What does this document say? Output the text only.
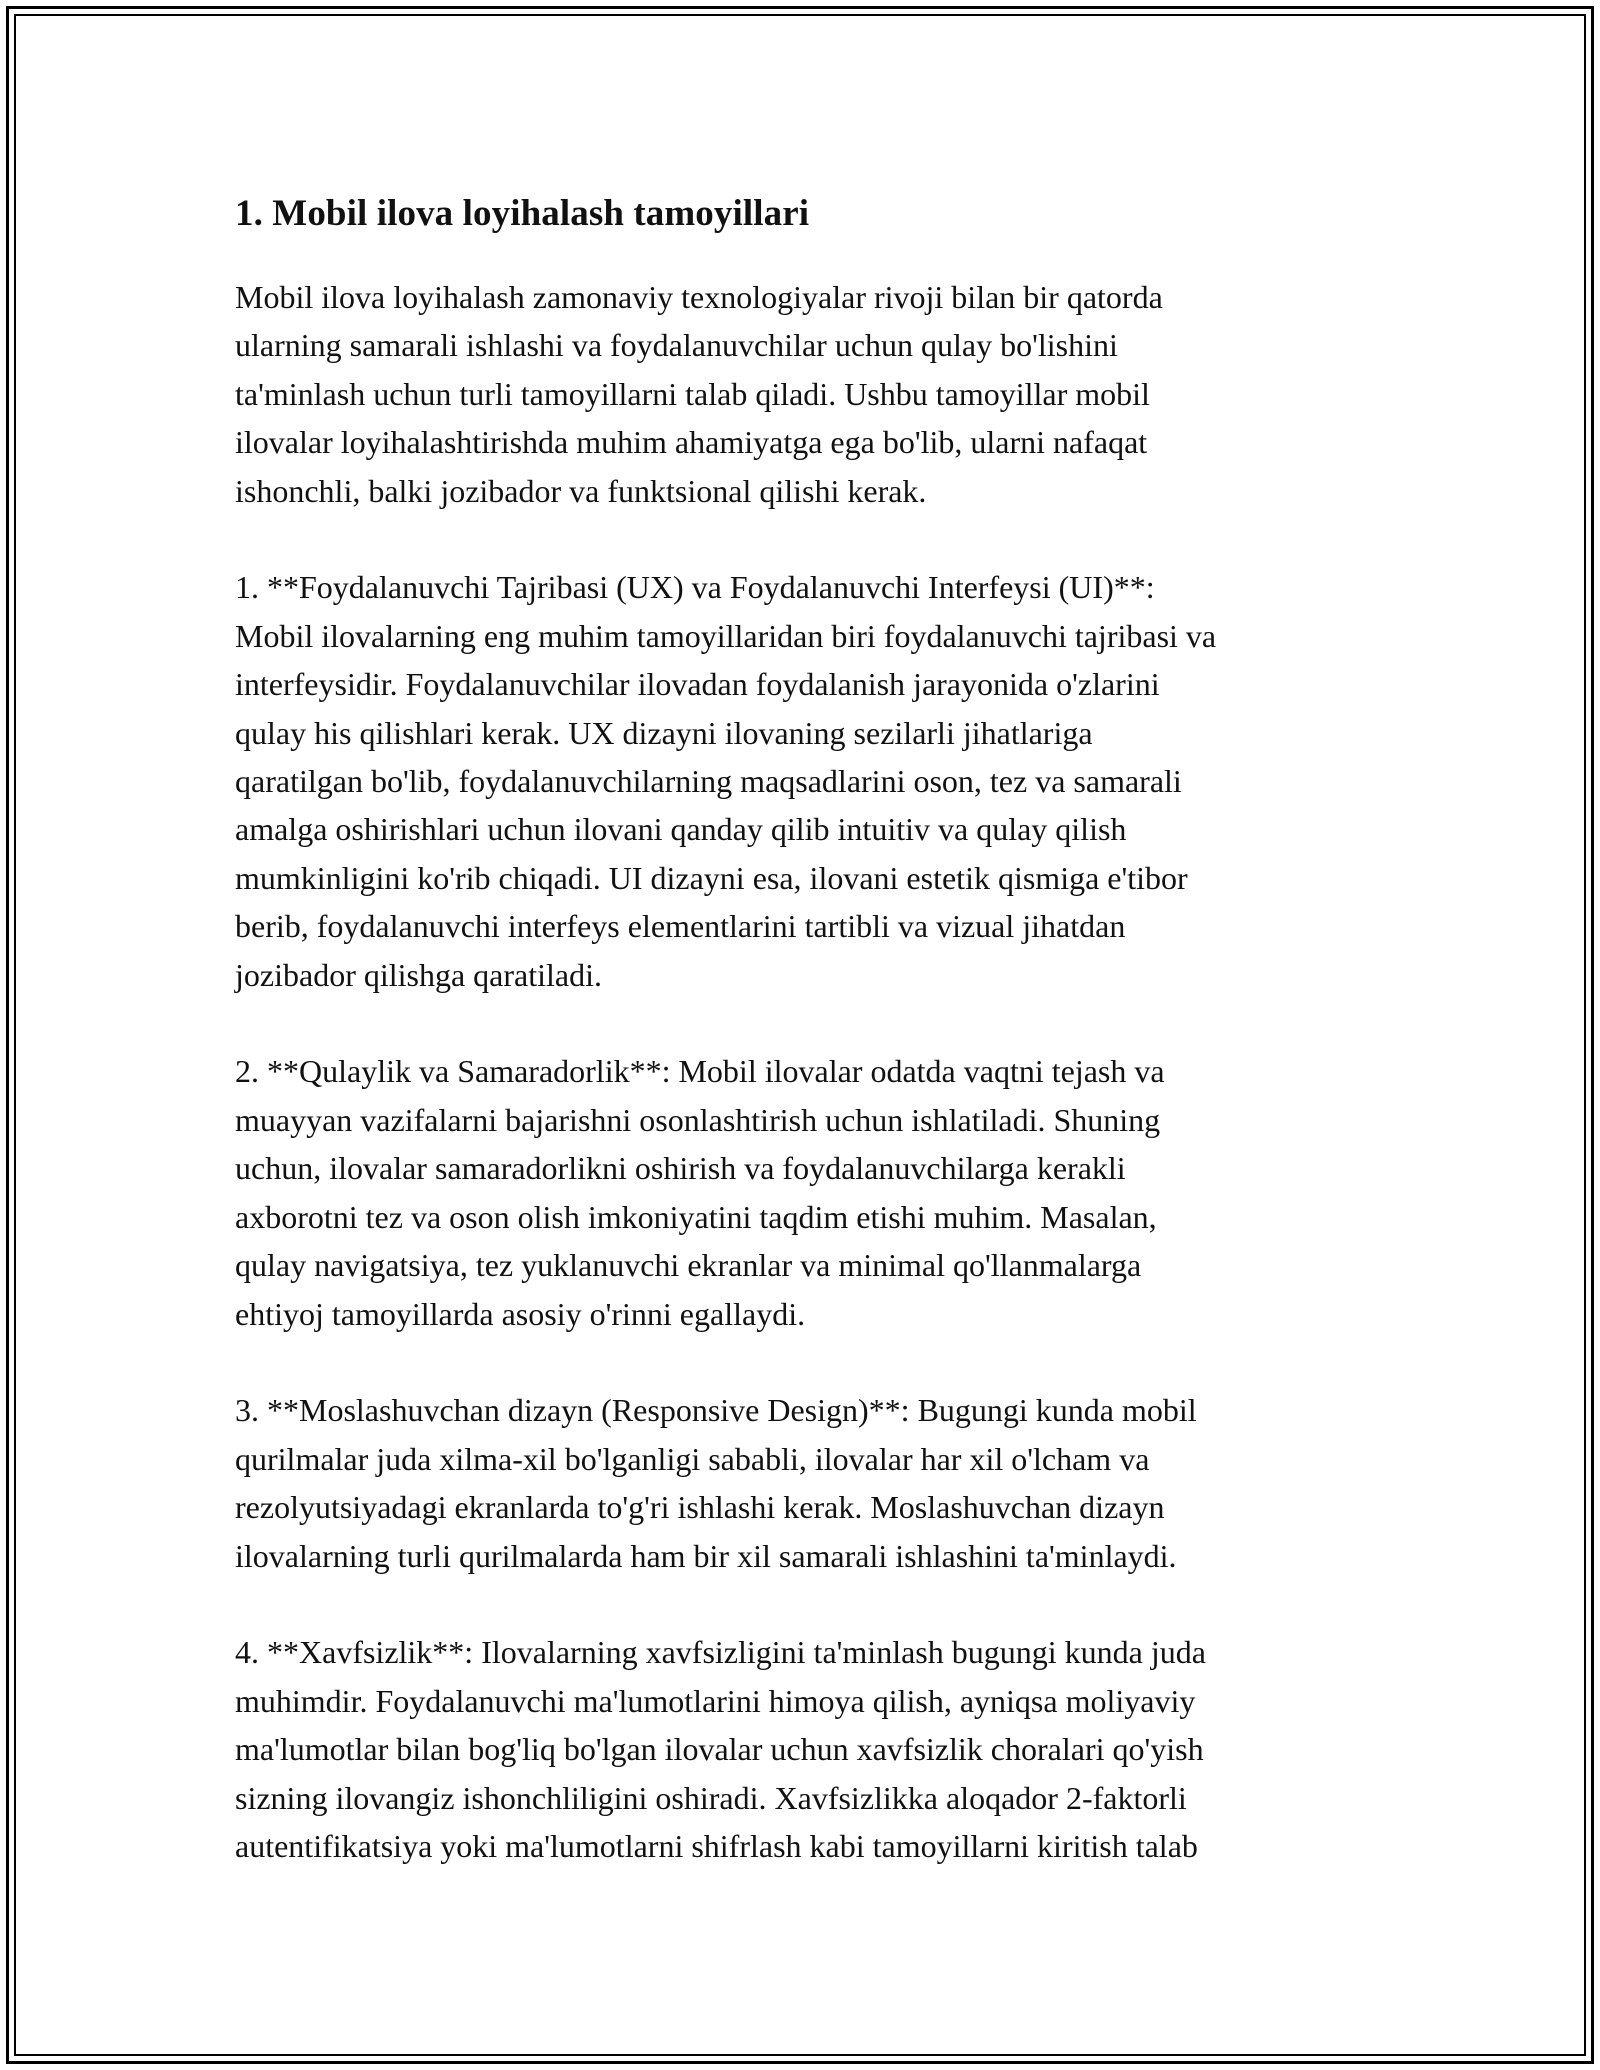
1. Mobil ilova loyihalash tamoyillari

Mobil ilova loyihalash zamonaviy texnologiyalar rivoji bilan bir qatorda
ularning samarali ishlashi va foydalanuvchilar uchun qulay bo'lishini
ta'minlash uchun turli tamoyillarni talab qiladi. Ushbu tamoyillar mobil
ilovalar loyihalashtirishda muhim ahamiyatga ega bo'lib, ularni nafaqat
ishonchli, balki jozibador va funktsional qilishi kerak.

1. **Foydalanuvchi Tajribasi (UX) va Foydalanuvchi Interfeysi (UI)**:
Mobil ilovalarning eng muhim tamoyillaridan biri foydalanuvchi tajribasi va
interfeysidir. Foydalanuvchilar ilovadan foydalanish jarayonida o'zlarini
qulay his qilishlari kerak. UX dizayni ilovaning sezilarli jihatlariga
qaratilgan bo'lib, foydalanuvchilarning maqsadlarini oson, tez va samarali
amalga oshirishlari uchun ilovani qanday qilib intuitiv va qulay qilish
mumkinligini ko'rib chiqadi. UI dizayni esa, ilovani estetik qismiga e'tibor
berib, foydalanuvchi interfeys elementlarini tartibli va vizual jihatdan
jozibador qilishga qaratiladi.

2. **Qulaylik va Samaradorlik**: Mobil ilovalar odatda vaqtni tejash va
muayyan vazifalarni bajarishni osonlashtirish uchun ishlatiladi. Shuning
uchun, ilovalar samaradorlikni oshirish va foydalanuvchilarga kerakli
axborotni tez va oson olish imkoniyatini taqdim etishi muhim. Masalan,
qulay navigatsiya, tez yuklanuvchi ekranlar va minimal qo'llanmalarga
ehtiyoj tamoyillarda asosiy o'rinni egallaydi.

3. **Moslashuvchan dizayn (Responsive Design)**: Bugungi kunda mobil
qurilmalar juda xilma-xil bo'lganligi sababli, ilovalar har xil o'lcham va
rezolyutsiyadagi ekranlarda to'g'ri ishlashi kerak. Moslashuvchan dizayn
ilovalarning turli qurilmalarda ham bir xil samarali ishlashini ta'minlaydi.

4. **Xavfsizlik**: Ilovalarning xavfsizligini ta'minlash bugungi kunda juda
muhimdir. Foydalanuvchi ma'lumotlarini himoya qilish, ayniqsa moliyaviy
ma'lumotlar bilan bog'liq bo'lgan ilovalar uchun xavfsizlik choralari qo'yish
sizning ilovangiz ishonchliligini oshiradi. Xavfsizlikka aloqador 2-faktorli
autentifikatsiya yoki ma'lumotlarni shifrlash kabi tamoyillarni kiritish talab
